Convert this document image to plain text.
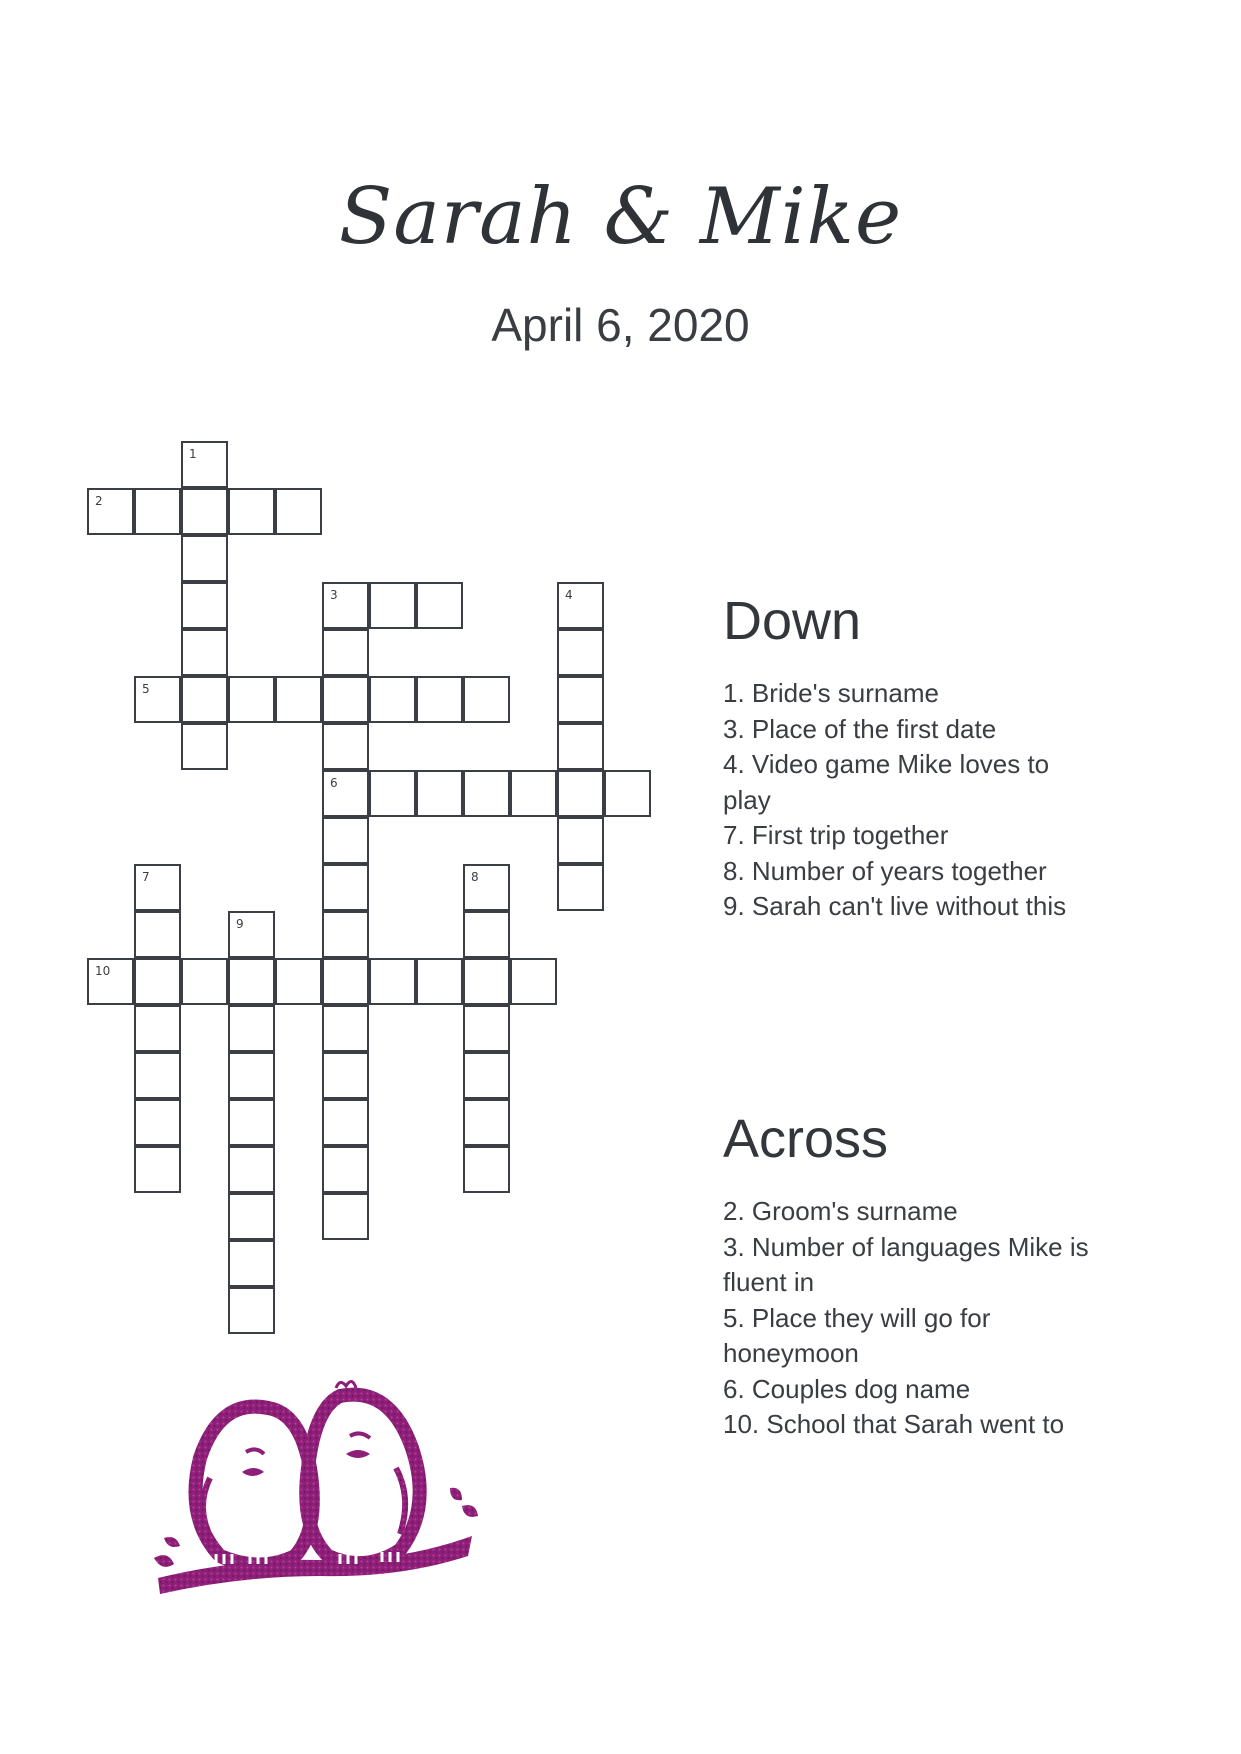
Sarah & Mike
April 6, 2020
1
2
3
6
4
5
7	8
9
10
Down
1. Bride's surname
3. Place of the first date
4. Video game Mike loves to play
7. First trip together
8. Number of years together
9. Sarah can't live without this
Across
2. Groom's surname
3. Number of languages Mike is fluent in
5. Place they will go for honeymoon
6. Couples dog name
10. School that Sarah went to
